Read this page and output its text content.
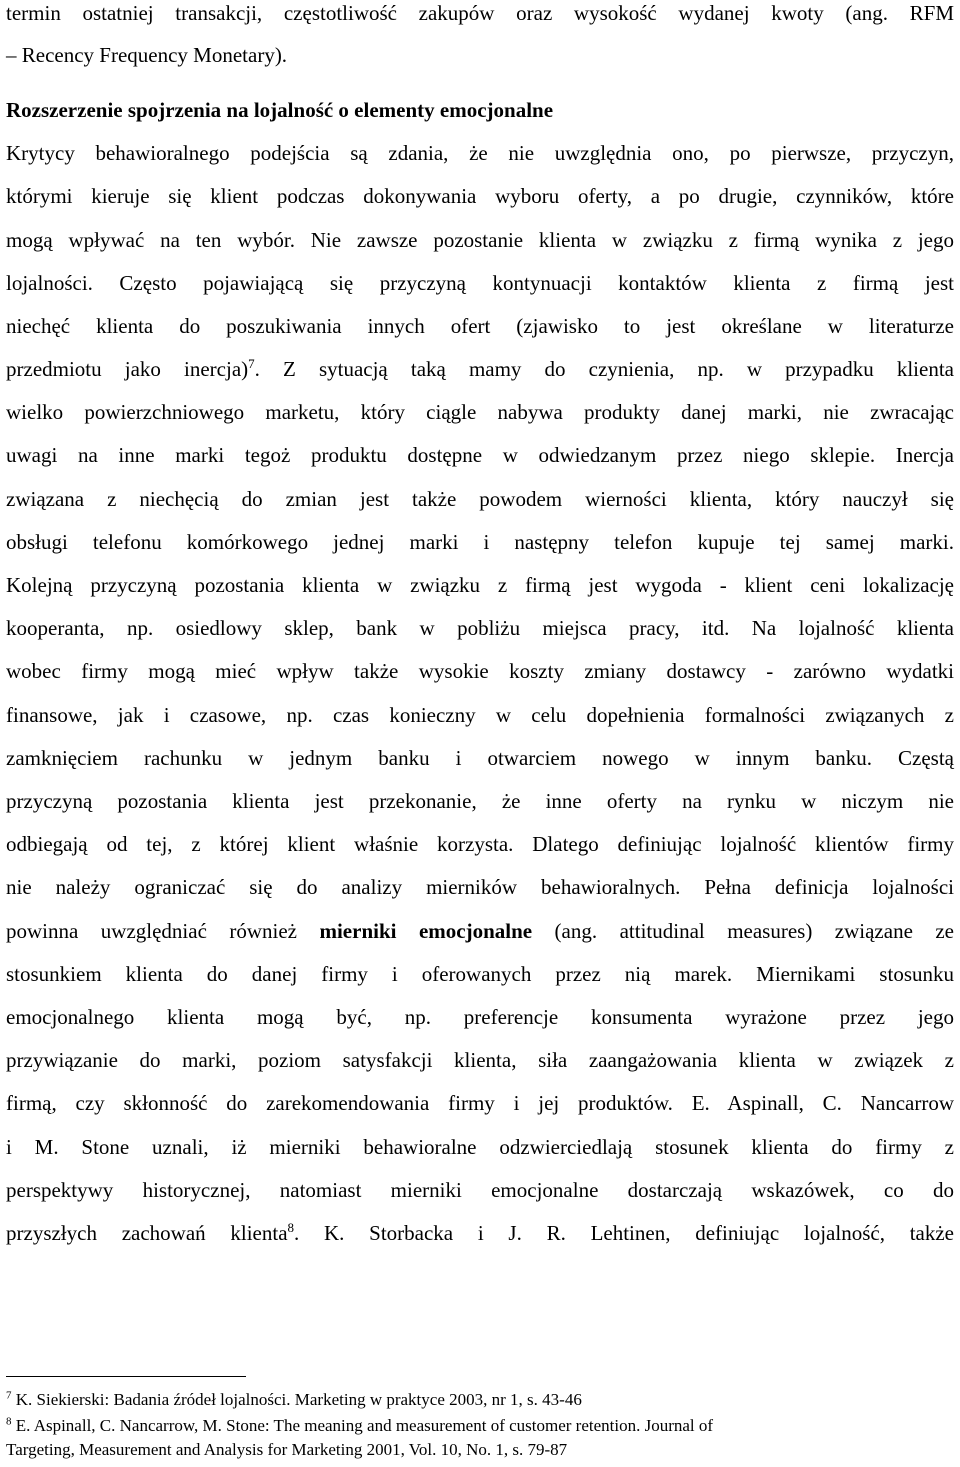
termin ostatniej transakcji, częstotliwość zakupów oraz wysokość wydanej kwoty (ang. RFM
– Recency Frequency Monetary).
Rozszerzenie spojrzenia na lojalność o elementy emocjonalne
Krytycy behawioralnego podejścia są zdania, że nie uwzględnia ono, po pierwsze, przyczyn,
którymi kieruje się klient podczas dokonywania wyboru oferty, a po drugie, czynników, które
mogą wpływać na ten wybór. Nie zawsze pozostanie klienta w związku z firmą wynika z jego
lojalności. Często pojawiającą się przyczyną kontynuacji kontaktów klienta z firmą jest
niechęć klienta do poszukiwania innych ofert (zjawisko to jest określane w literaturze
przedmiotu jako inercja)$^7$. Z sytuacją taką mamy do czynienia, np. w przypadku klienta
wielko powierzchniowego marketu, który ciągle nabywa produkty danej marki, nie zwracając
uwagi na inne marki tegoż produktu dostępne w odwiedzanym przez niego sklepie. Inercja
związana z niechęcią do zmian jest także powodem wierności klienta, który nauczył się
obsługi telefonu komórkowego jednej marki i następny telefon kupuje tej samej marki.
Kolejną przyczyną pozostania klienta w związku z firmą jest wygoda - klient ceni lokalizację
kooperanta, np. osiedlowy sklep, bank w pobliżu miejsca pracy, itd. Na lojalność klienta
wobec firmy mogą mieć wpływ także wysokie koszty zmiany dostawcy - zarówno wydatki
finansowe, jak i czasowe, np. czas konieczny w celu dopełnienia formalności związanych z
zamknięciem rachunku w jednym banku i otwarciem nowego w innym banku. Częstą
przyczyną pozostania klienta jest przekonanie, że inne oferty na rynku w niczym nie
odbiegają od tej, z której klient właśnie korzysta. Dlatego definiując lojalność klientów firmy
nie należy ograniczać się do analizy mierników behawioralnych. Pełna definicja lojalności
powinna uwzględniać również mierniki emocjonalne (ang. attitudinal measures) związane ze
stosunkiem klienta do danej firmy i oferowanych przez nią marek. Miernikami stosunku
emocjonalnego klienta mogą być, np. preferencje konsumenta wyrażone przez jego
przywiązanie do marki, poziom satysfakcji klienta, siła zaangażowania klienta w związek z
firmą, czy skłonność do zarekomendowania firmy i jej produktów. E. Aspinall, C. Nancarrow
i M. Stone uznali, iż mierniki behawioralne odzwierciedlają stosunek klienta do firmy z
perspektywy historycznej, natomiast mierniki emocjonalne dostarczają wskazówek, co do
przyszłych zachowań klienta$^8$. K. Storbacka i J. R. Lehtinen, definiując lojalność, także
$^7$ K. Siekierski: Badania źródeł lojalności. Marketing w praktyce 2003, nr 1, s. 43-46
$^8$ E. Aspinall, C. Nancarrow, M. Stone: The meaning and measurement of customer retention. Journal of
Targeting, Measurement and Analysis for Marketing 2001, Vol. 10, No. 1, s. 79-87
